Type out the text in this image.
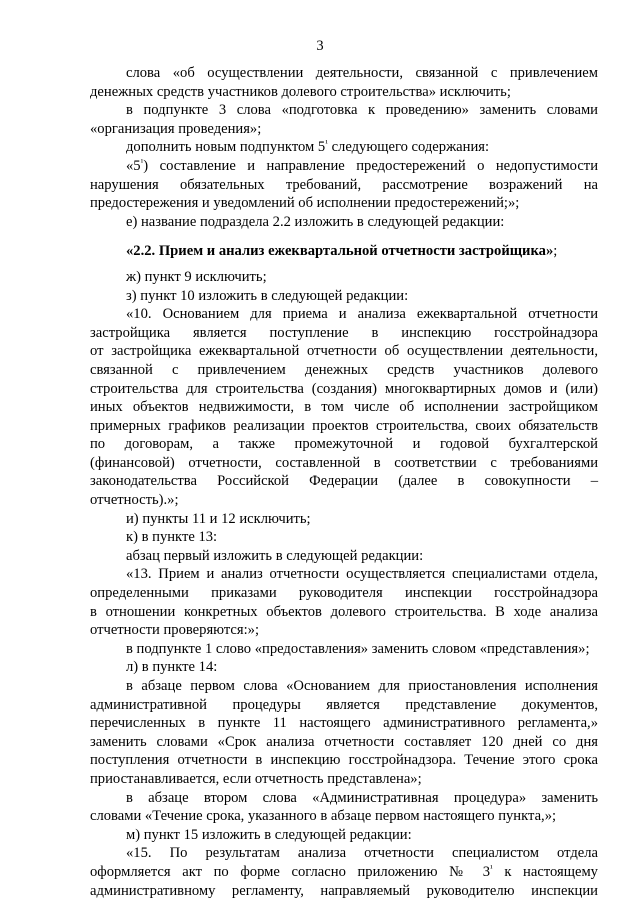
3

слова «об осуществлении деятельности, связанной с привлечением
денежных средств участников долевого строительства» исключить;

в подпункте 3 слова «подготовка к проведению» заменить словами
«организация проведения»;

дополнить новым подпунктом $5^{^1}$ следующего содержания:

«$5^{^1}$) составление и направление предостережений о недопустимости
нарушения обязательных требований, рассмотрение возражений на
предостережения и уведомлений об исполнении предостережений;»;

е) название подраздела 2.2 изложить в следующей редакции:

«2.2. Прием и анализ ежеквартальной отчетности застройщика»;

ж) пункт 9 исключить;

з) пункт 10 изложить в следующей редакции:

«10. Основанием для приема и анализа ежеквартальной отчетности
застройщика является поступление в инспекцию госстройнадзора
от застройщика ежеквартальной отчетности об осуществлении деятельности,
связанной с привлечением денежных средств участников долевого
строительства для строительства (создания) многоквартирных домов и (или)
иных объектов недвижимости, в том числе об исполнении застройщиком
примерных графиков реализации проектов строительства, своих обязательств
по договорам, а также промежуточной и годовой бухгалтерской
(финансовой) отчетности, составленной в соответствии с требованиями
законодательства Российской Федерации (далее в совокупности –
отчетность).»;

и) пункты 11 и 12 исключить;

к) в пункте 13:

абзац первый изложить в следующей редакции:

«13. Прием и анализ отчетности осуществляется специалистами отдела,
определенными приказами руководителя инспекции госстройнадзора
в отношении конкретных объектов долевого строительства. В ходе анализа
отчетности проверяются:»;

в подпункте 1 слово «предоставления» заменить словом «представления»;

л) в пункте 14:

в абзаце первом слова «Основанием для приостановления исполнения
административной процедуры является представление документов,
перечисленных в пункте 11 настоящего административного регламента,»
заменить словами «Срок анализа отчетности составляет 120 дней со дня
поступления отчетности в инспекцию госстройнадзора. Течение этого срока
приостанавливается, если отчетность представлена»;

в абзаце втором слова «Административная процедура» заменить
словами «Течение срока, указанного в абзаце первом настоящего пункта,»;

м) пункт 15 изложить в следующей редакции:

«15. По результатам анализа отчетности специалистом отдела
оформляется акт по форме согласно приложению № $3^{^1}$ к настоящему
административному регламенту, направляемый руководителю инспекции
